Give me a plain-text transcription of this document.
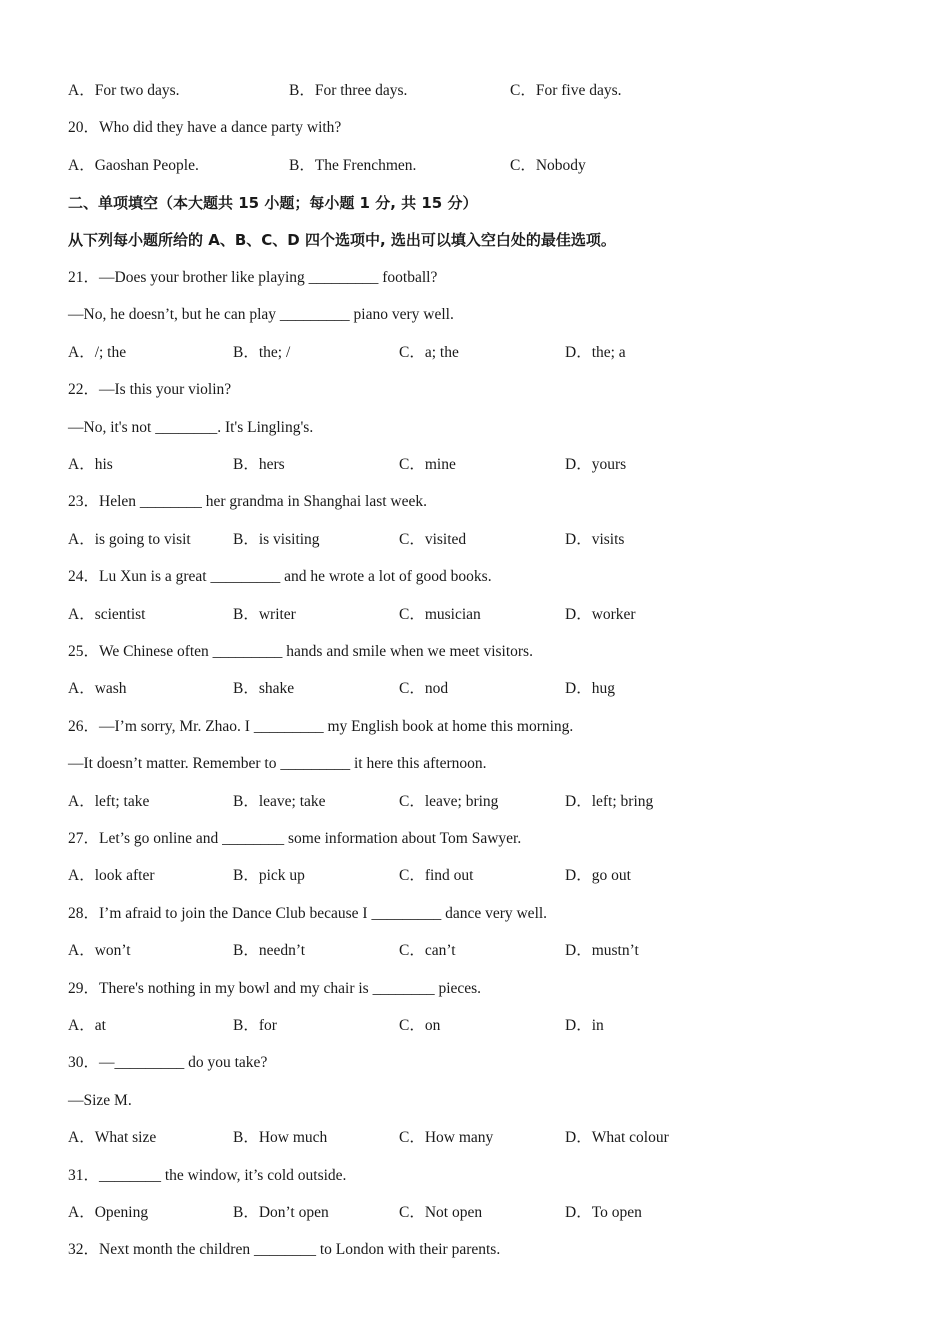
A．For two days.	B．For three days.	C．For five days.
20．Who did they have a dance party with?
A．Gaoshan People.	B．The Frenchmen.	C．Nobody
二、单项填空（本大题共 15 小题；每小题 1 分, 共 15 分）
从下列每小题所给的 A、B、C、D 四个选项中, 选出可以填入空白处的最佳选项。
21．—Does your brother like playing _________ football?
—No, he doesn’t, but he can play _________ piano very well.
A．/; the	B．the; /	C．a; the	D．the; a
22．—Is this your violin?
—No, it's not ________. It's Lingling's.
A．his	B．hers	C．mine	D．yours
23．Helen ________ her grandma in Shanghai last week.
A．is going to visit	B．is visiting	C．visited	D．visits
24．Lu Xun is a great _________ and he wrote a lot of good books.
A．scientist	B．writer	C．musician	D．worker
25．We Chinese often _________ hands and smile when we meet visitors.
A．wash	B．shake	C．nod	D．hug
26．—I’m sorry, Mr. Zhao. I _________ my English book at home this morning.
—It doesn’t matter. Remember to _________ it here this afternoon.
A．left; take	B．leave; take	C．leave; bring	D．left; bring
27．Let’s go online and ________ some information about Tom Sawyer.
A．look after	B．pick up	C．find out	D．go out
28．I’m afraid to join the Dance Club because I _________ dance very well.
A．won’t	B．needn’t	C．can’t	D．mustn’t
29．There's nothing in my bowl and my chair is ________ pieces.
A．at	B．for	C．on	D．in
30．—_________ do you take?
—Size M.
A．What size	B．How much	C．How many	D．What colour
31．________ the window, it’s cold outside.
A．Opening	B．Don’t open	C．Not open	D．To open
32．Next month the children ________ to London with their parents.
